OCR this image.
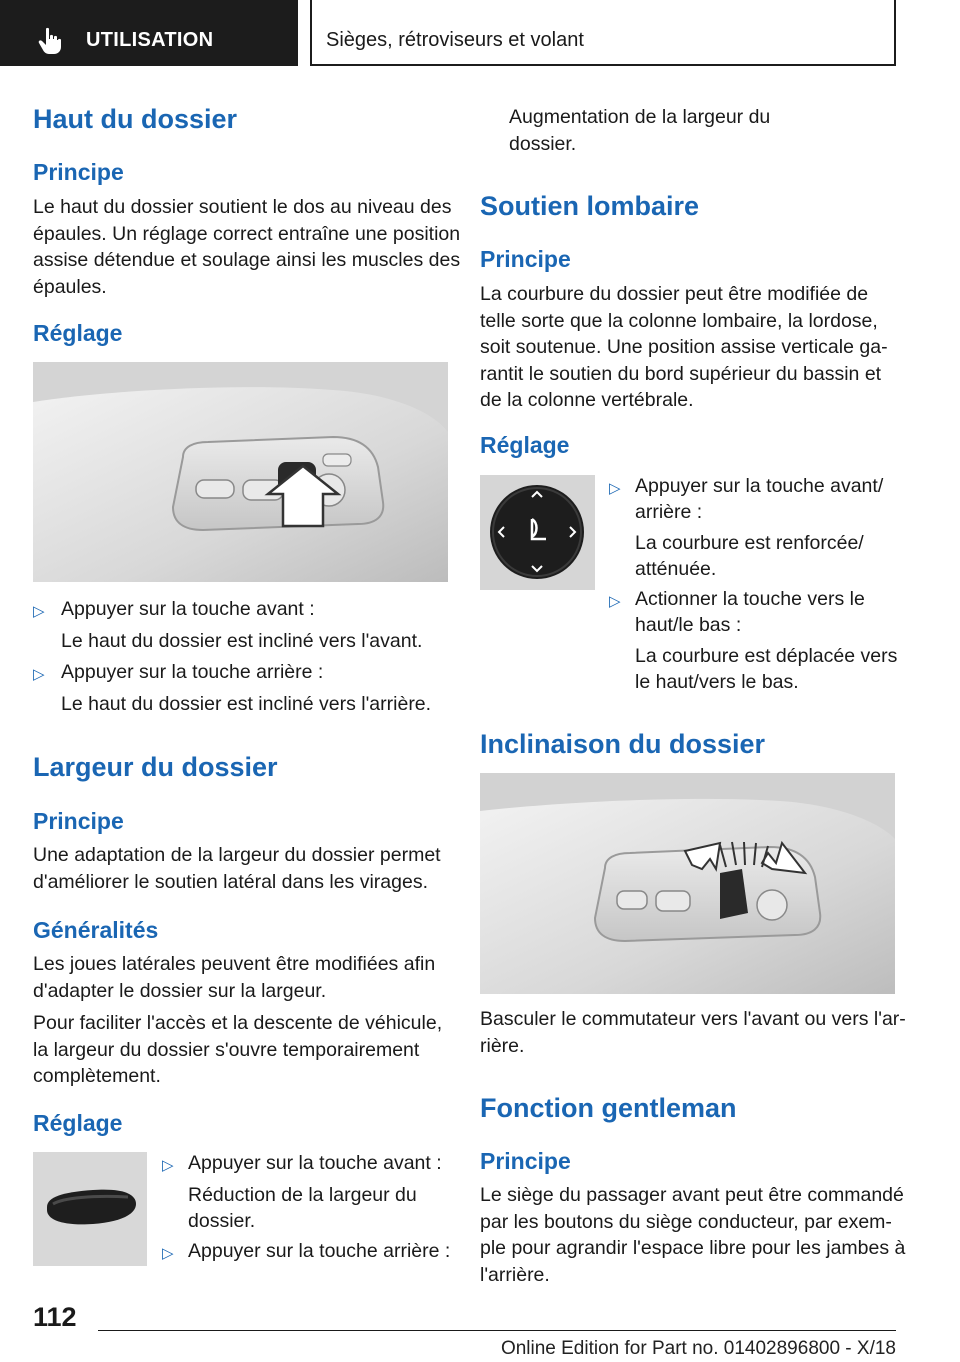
UTILISATION	Sièges, rétroviseurs et volant
Haut du dossier
Principe
Le haut du dossier soutient le dos au niveau des
épaules. Un réglage correct entraîne une position
assise détendue et soulage ainsi les muscles des
épaules.
Réglage
▷ Appuyer sur la touche avant :
Le haut du dossier est incliné vers l'avant.
▷ Appuyer sur la touche arrière :
Le haut du dossier est incliné vers l'arrière.
Largeur du dossier
Principe
Une adaptation de la largeur du dossier permet
d'améliorer le soutien latéral dans les virages.
Généralités
Les joues latérales peuvent être modifiées afin
d'adapter le dossier sur la largeur.
Pour faciliter l'accès et la descente de véhicule,
la largeur du dossier s'ouvre temporairement
complètement.
Réglage
▷ Appuyer sur la touche avant :
Réduction de la largeur du
dossier.
▷ Appuyer sur la touche arrière :
Augmentation de la largeur du
dossier.
Soutien lombaire
Principe
La courbure du dossier peut être modifiée de
telle sorte que la colonne lombaire, la lordose,
soit soutenue. Une position assise verticale ga-
rantit le soutien du bord supérieur du bassin et
de la colonne vertébrale.
Réglage
▷ Appuyer sur la touche avant/
arrière :
La courbure est renforcée/
atténuée.
▷ Actionner la touche vers le
haut/le bas :
La courbure est déplacée vers
le haut/vers le bas.
Inclinaison du dossier
Basculer le commutateur vers l'avant ou vers l'ar-
rière.
Fonction gentleman
Principe
Le siège du passager avant peut être commandé
par les boutons du siège conducteur, par exem-
ple pour agrandir l'espace libre pour les jambes à
l'arrière.
112
Online Edition for Part no. 01402896800 - X/18
